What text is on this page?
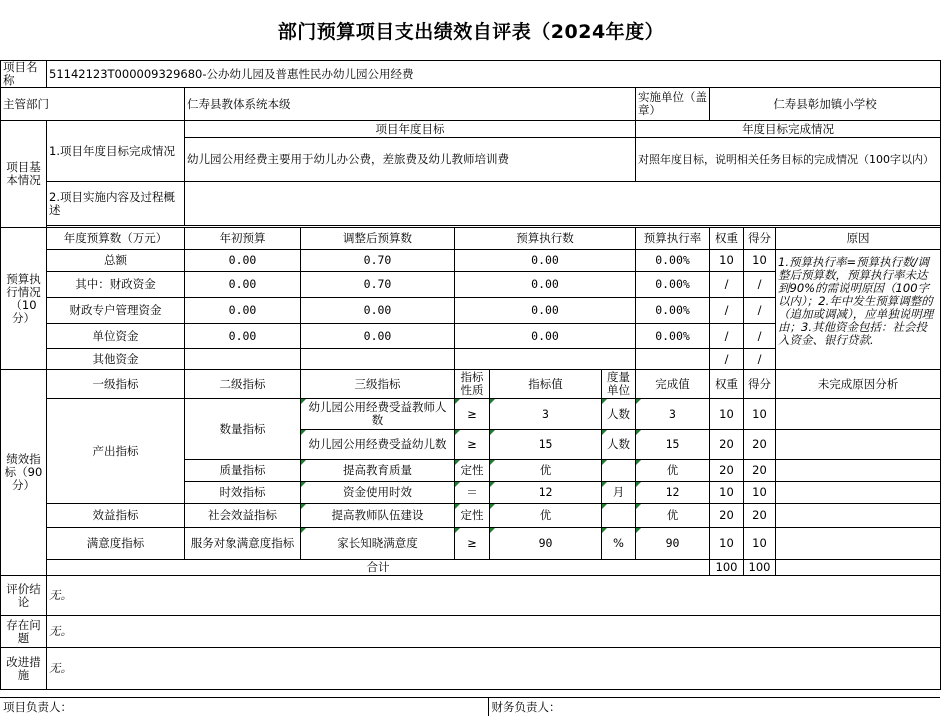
部门预算项目支出绩效自评表（2024年度）
项目名称	51142123T000009329680-公办幼儿园及普惠性民办幼儿园公用经费									
主管部门		仁寿县教体系统本级					实施单位（盖章）	仁寿县彰加镇小学校		
项目基本情况	1.项目年度目标完成情况	项目年度目标					年度目标完成情况			
		幼儿园公用经费主要用于幼儿办公费，差旅费及幼儿教师培训费					对照年度目标，说明相关任务目标的完成情况（100字以内）			
	2.项目实施内容及过程概述									

预算执行情况（10分）	年度预算数（万元）	年初预算	调整后预算数	预算执行数			预算执行率	权重	得分	原因
	总额	0.00	0.70	0.00			0.00%	10	10	1.预算执行率=预算执行数/调整后预算数，预算执行率未达到90%的需说明原因（100字以内）；2.年中发生预算调整的（追加或调减），应单独说明理由；3.其他资金包括：社会投入资金、银行贷款.
	其中：财政资金	0.00	0.70	0.00			0.00%	/	/	
	财政专户管理资金	0.00	0.00	0.00			0.00%	/	/	
	单位资金	0.00	0.00	0.00			0.00%	/	/	
	其他资金							/	/	
绩效指标（90分）	一级指标	二级指标	三级指标	指标性质	指标值	度量单位	完成值	权重	得分	未完成原因分析
	产出指标	数量指标	幼儿园公用经费受益教师人数	≥	3	人数	3	10	10	
			幼儿园公用经费受益幼儿数	≥	15	人数	15	20	20	
		质量指标	提高教育质量	定性	优		优	20	20	
		时效指标	资金使用时效	＝	12	月	12	10	10	
	效益指标	社会效益指标	提高教师队伍建设	定性	优		优	20	20	
	满意度指标	服务对象满意度指标	家长知晓满意度	≥	90	%	90	10	10	
	合计							100	100	
评价结论	无。									
存在问题	无。									
改进措施	无。									
项目负责人：	财务负责人：
